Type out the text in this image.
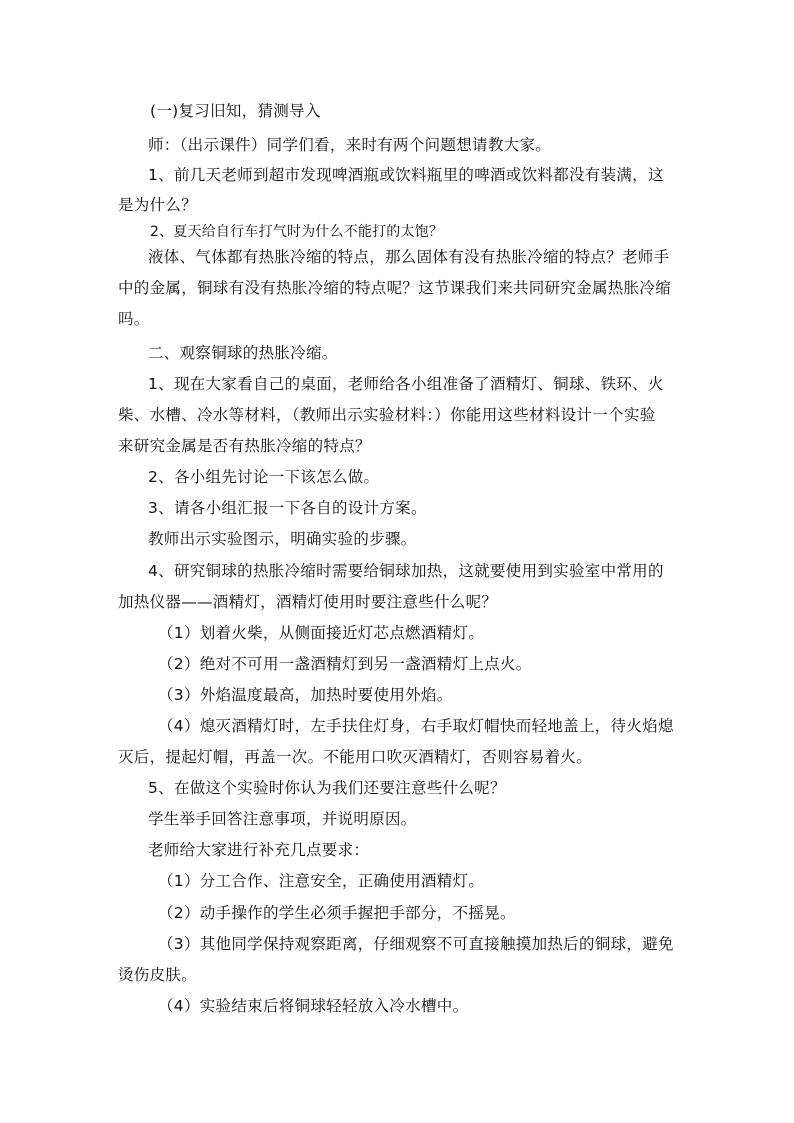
(一)复习旧知，猜测导入
师：（出示课件）同学们看，来时有两个问题想请教大家。
1、前几天老师到超市发现啤酒瓶或饮料瓶里的啤酒或饮料都没有装满，这
是为什么？
2、夏天给自行车打气时为什么不能打的太饱？
液体、气体都有热胀冷缩的特点，那么固体有没有热胀冷缩的特点？老师手
中的金属，铜球有没有热胀冷缩的特点呢？这节课我们来共同研究金属热胀冷缩
吗。
二、观察铜球的热胀冷缩。
1、现在大家看自己的桌面，老师给各小组准备了酒精灯、铜球、铁环、火
柴、水槽、冷水等材料，（教师出示实验材料：）你能用这些材料设计一个实验
来研究金属是否有热胀冷缩的特点？
2、各小组先讨论一下该怎么做。
3、请各小组汇报一下各自的设计方案。
教师出示实验图示，明确实验的步骤。
4、研究铜球的热胀冷缩时需要给铜球加热，这就要使用到实验室中常用的
加热仪器——酒精灯，酒精灯使用时要注意些什么呢？
（1）划着火柴，从侧面接近灯芯点燃酒精灯。
（2）绝对不可用一盏酒精灯到另一盏酒精灯上点火。
（3）外焰温度最高，加热时要使用外焰。
（4）熄灭酒精灯时，左手扶住灯身，右手取灯帽快而轻地盖上，待火焰熄
灭后，提起灯帽，再盖一次。不能用口吹灭酒精灯，否则容易着火。
5、在做这个实验时你认为我们还要注意些什么呢？
学生举手回答注意事项，并说明原因。
老师给大家进行补充几点要求：
（1）分工合作、注意安全，正确使用酒精灯。
（2）动手操作的学生必须手握把手部分，不摇晃。
（3）其他同学保持观察距离，仔细观察不可直接触摸加热后的铜球，避免
烫伤皮肤。
（4）实验结束后将铜球轻轻放入冷水槽中。
